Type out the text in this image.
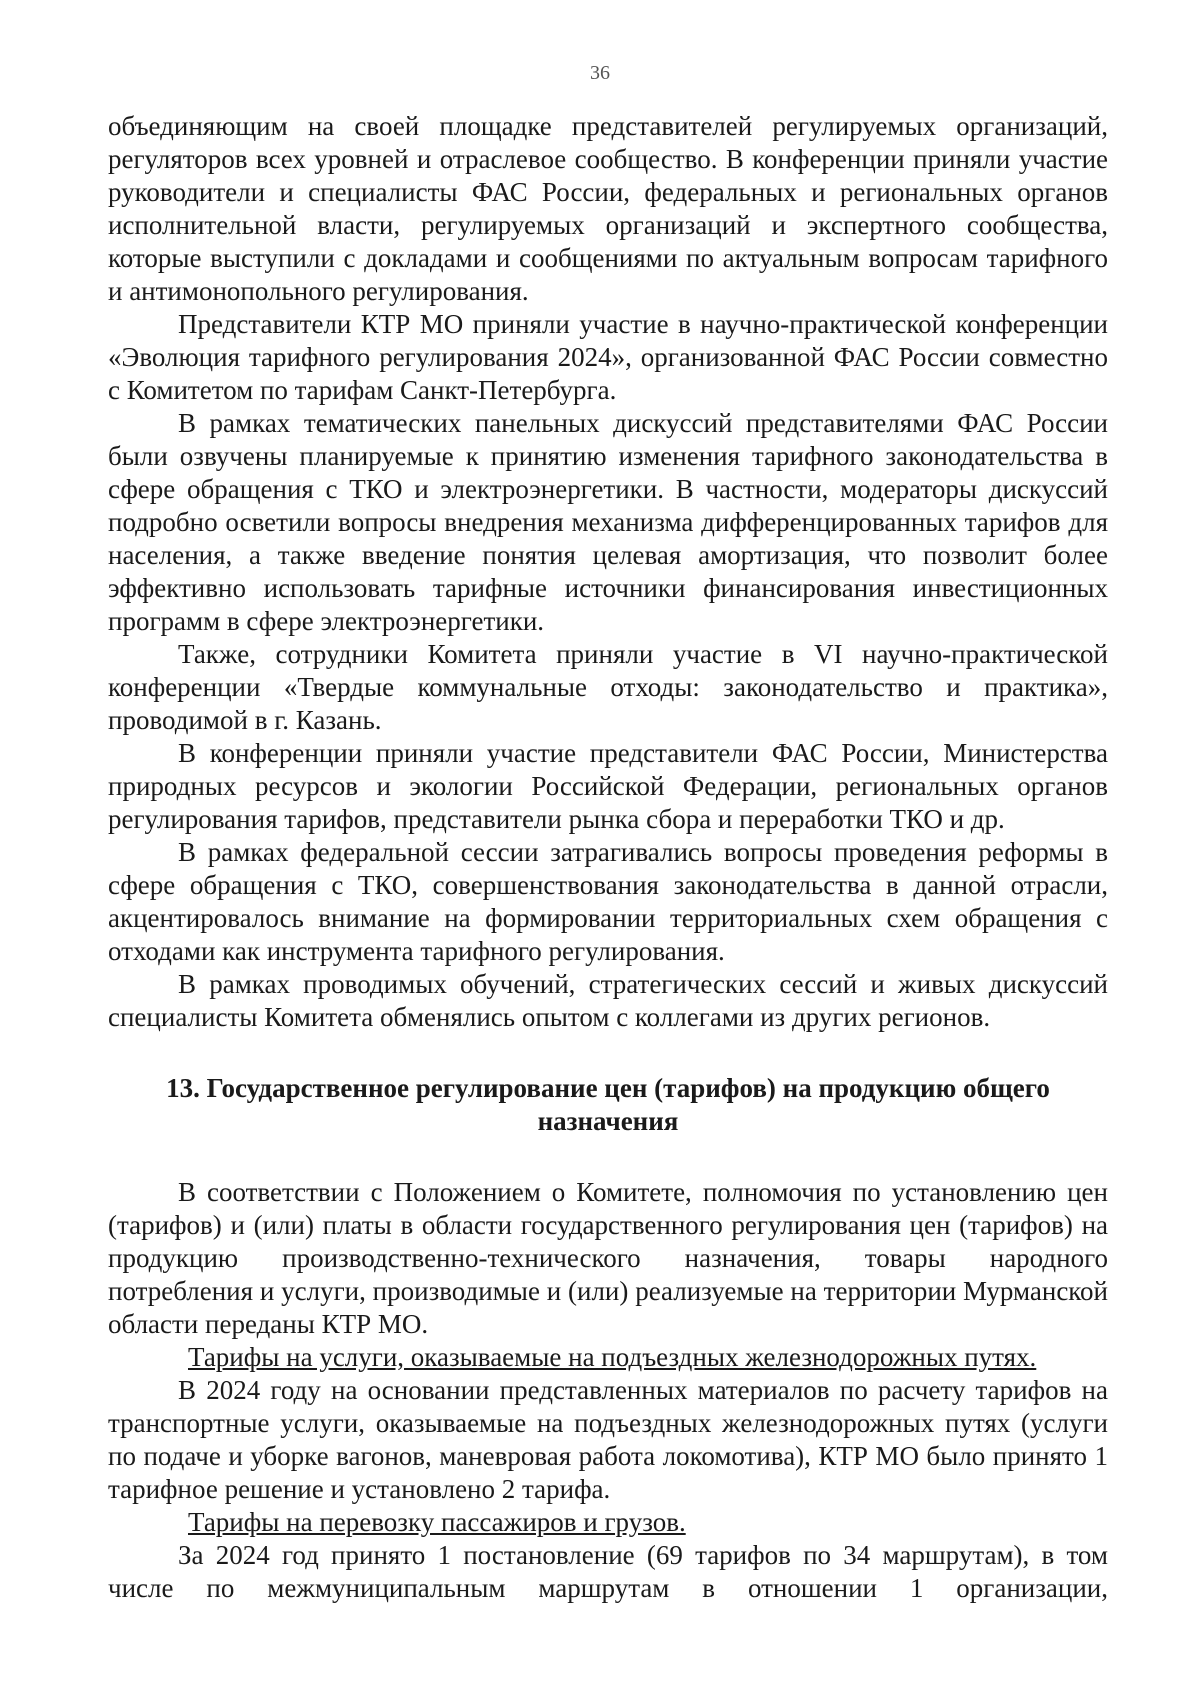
36

объединяющим на своей площадке представителей регулируемых организаций, регуляторов всех уровней и отраслевое сообщество. В конференции приняли участие руководители и специалисты ФАС России, федеральных и региональных органов исполнительной власти, регулируемых организаций и экспертного сообщества, которые выступили с докладами и сообщениями по актуальным вопросам тарифного и антимонопольного регулирования.

Представители КТР МО приняли участие в научно-практической конференции «Эволюция тарифного регулирования 2024», организованной ФАС России совместно с Комитетом по тарифам Санкт-Петербурга.

В рамках тематических панельных дискуссий представителями ФАС России были озвучены планируемые к принятию изменения тарифного законодательства в сфере обращения с ТКО и электроэнергетики. В частности, модераторы дискуссий подробно осветили вопросы внедрения механизма дифференцированных тарифов для населения, а также введение понятия целевая амортизация, что позволит более эффективно использовать тарифные источники финансирования инвестиционных программ в сфере электроэнергетики.

Также, сотрудники Комитета приняли участие в VI научно-практической конференции «Твердые коммунальные отходы: законодательство и практика», проводимой в г. Казань.

В конференции приняли участие представители ФАС России, Министерства природных ресурсов и экологии Российской Федерации, региональных органов регулирования тарифов, представители рынка сбора и переработки ТКО и др.

В рамках федеральной сессии затрагивались вопросы проведения реформы в сфере обращения с ТКО, совершенствования законодательства в данной отрасли, акцентировалось внимание на формировании территориальных схем обращения с отходами как инструмента тарифного регулирования.

В рамках проводимых обучений, стратегических сессий и живых дискуссий специалисты Комитета обменялись опытом с коллегами из других регионов.

13. Государственное регулирование цен (тарифов) на продукцию общего назначения

В соответствии с Положением о Комитете, полномочия по установлению цен (тарифов) и (или) платы в области государственного регулирования цен (тарифов) на продукцию производственно-технического назначения, товары народного потребления и услуги, производимые и (или) реализуемые на территории Мурманской области переданы КТР МО.

Тарифы на услуги, оказываемые на подъездных железнодорожных путях.

В 2024 году на основании представленных материалов по расчету тарифов на транспортные услуги, оказываемые на подъездных железнодорожных путях (услуги по подаче и уборке вагонов, маневровая работа локомотива), КТР МО было принято 1 тарифное решение и установлено 2 тарифа.

Тарифы на перевозку пассажиров и грузов.

За 2024 год принято 1 постановление (69 тарифов по 34 маршрутам), в том числе по межмуниципальным маршрутам в отношении 1 организации,
